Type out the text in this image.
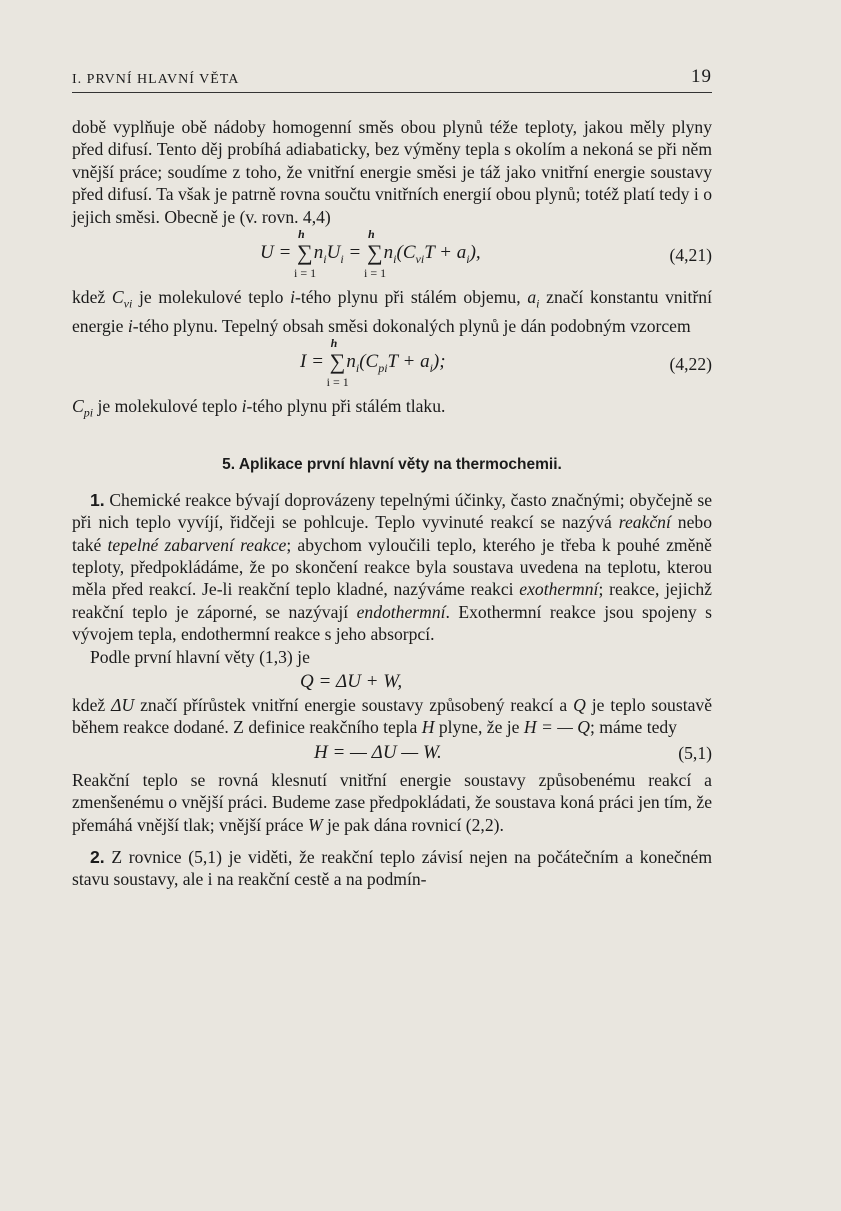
I. PRVNÍ HLAVNÍ VĚTA	19

době vyplňuje obě nádoby homogenní směs obou plynů téže teploty, jakou měly plyny před difusí. Tento děj probíhá adiabaticky, bez výměny tepla s okolím a nekoná se při něm vnější práce; soudíme z toho, že vnitřní energie směsi je táž jako vnitřní energie soustavy před difusí. Ta však je patrně rovna součtu vnitřních energií obou plynů; totéž platí tedy i o jejich směsi. Obecně je (v. rovn. 4,4)

U = ∑
h
i = 1
$n_iU_i$ = ∑
h
i = 1
$n_i(C_{vi}T + a_i)$,	(4,21)

kdež $C_{vi}$ je molekulové teplo i-tého plynu při stálém objemu, $a_i$ značí konstantu vnitřní energie i-tého plynu. Tepelný obsah směsi dokonalých plynů je dán podobným vzorcem

I = ∑
h
i = 1
$n_i(C_{pi}T + a_i)$;	(4,22)

$C_{pi}$ je molekulové teplo i-tého plynu při stálém tlaku.

5. Aplikace první hlavní věty na thermochemii.

1. Chemické reakce bývají doprovázeny tepelnými účinky, často značnými; obyčejně se při nich teplo vyvíjí, řidčeji se pohlcuje. Teplo vyvinuté reakcí se nazývá reakční nebo také tepelné zabarvení reakce; abychom vyloučili teplo, kterého je třeba k pouhé změně teploty, předpokládáme, že po skončení reakce byla soustava uvedena na teplotu, kterou měla před reakcí. Je-li reakční teplo kladné, nazýváme reakci exothermní; reakce, jejichž reakční teplo je záporné, se nazývají endothermní. Exothermní reakce jsou spojeny s vývojem tepla, endothermní reakce s jeho absorpcí.

Podle první hlavní věty (1,3) je

Q = ΔU + W,

kdež ΔU značí přírůstek vnitřní energie soustavy způsobený reakcí a Q je teplo soustavě během reakce dodané. Z definice reakčního tepla H plyne, že je H = — Q; máme tedy

H = — ΔU — W.	(5,1)

Reakční teplo se rovná klesnutí vnitřní energie soustavy způsobenému reakcí a zmenšenému o vnější práci. Budeme zase předpokládati, že soustava koná práci jen tím, že přemáhá vnější tlak; vnější práce W je pak dána rovnicí (2,2).

2. Z rovnice (5,1) je viděti, že reakční teplo závisí nejen na počátečním a konečném stavu soustavy, ale i na reakční cestě a na podmín-
